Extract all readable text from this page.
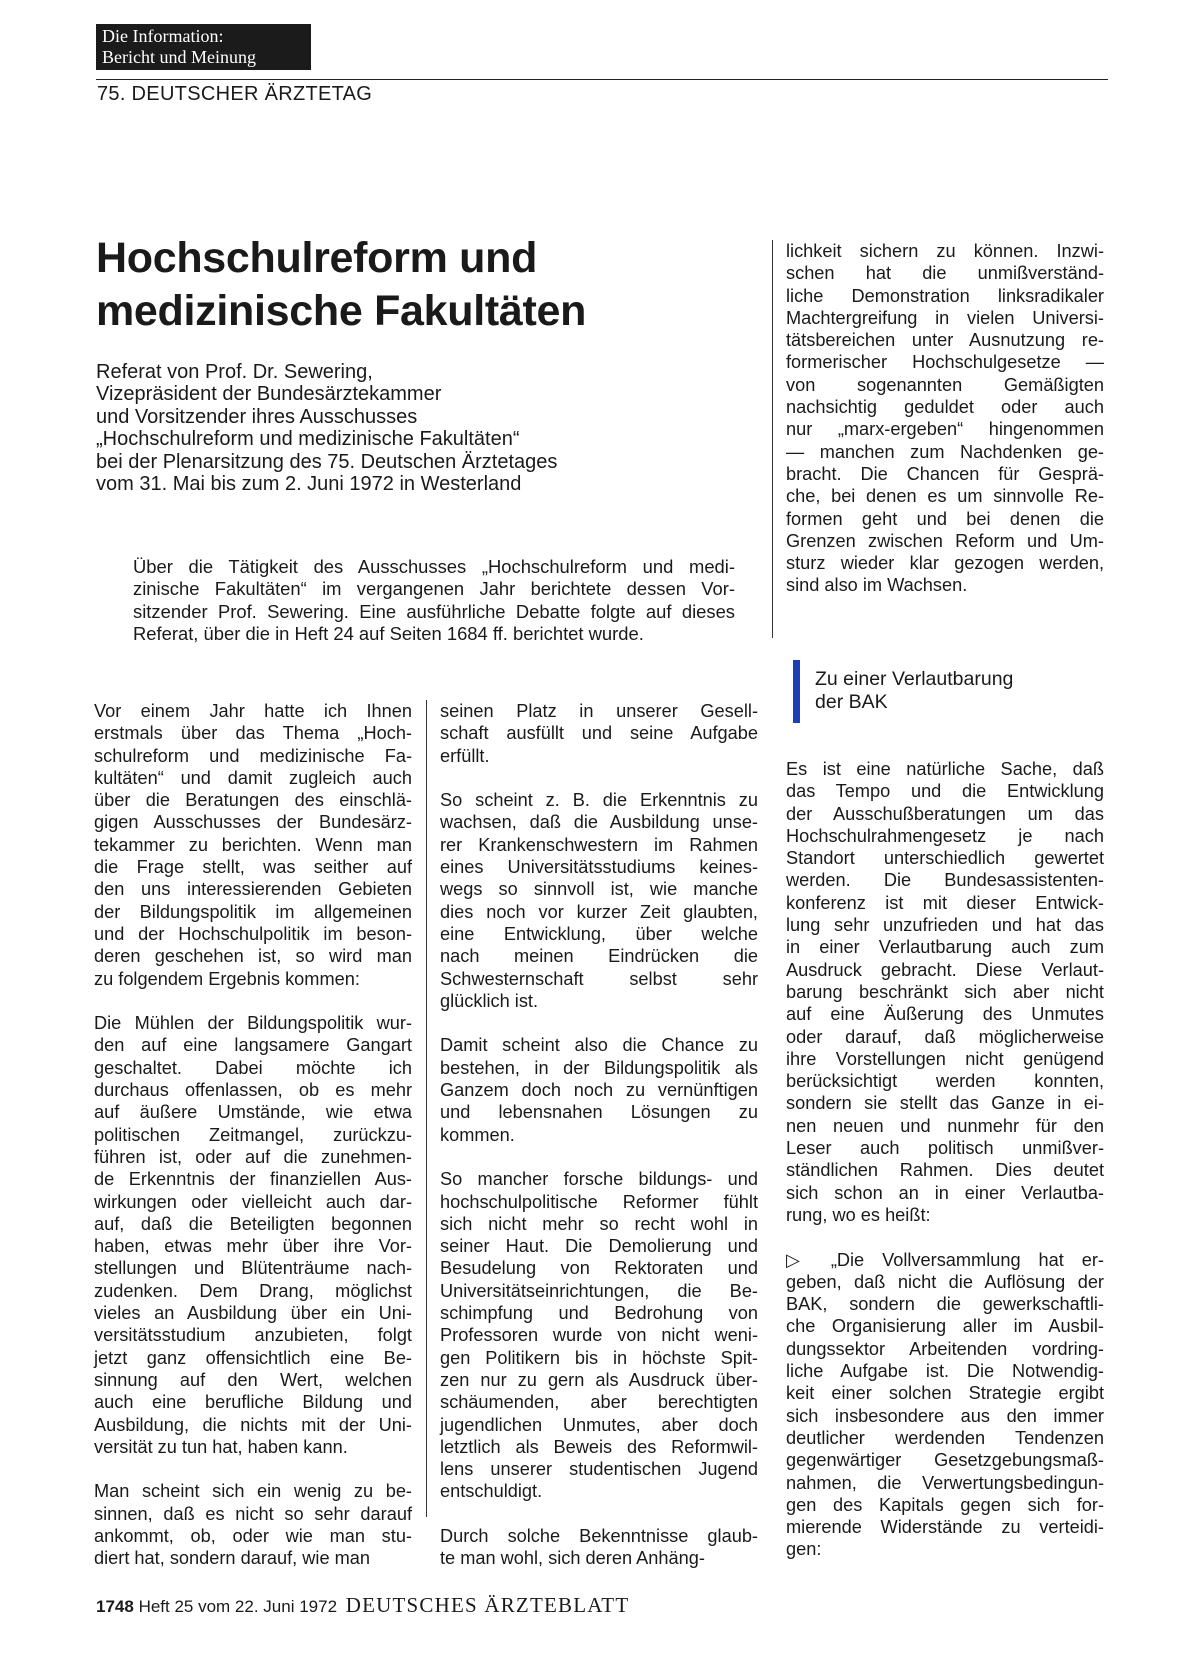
Die Information:
Bericht und Meinung
75. DEUTSCHER ÄRZTETAG
Hochschulreform und
medizinische Fakultäten
Referat von Prof. Dr. Sewering,
Vizepräsident der Bundesärztekammer
und Vorsitzender ihres Ausschusses
„Hochschulreform und medizinische Fakultäten“
bei der Plenarsitzung des 75. Deutschen Ärztetages
vom 31. Mai bis zum 2. Juni 1972 in Westerland
Über die Tätigkeit des Ausschusses „Hochschulreform und medi-
zinische Fakultäten“ im vergangenen Jahr berichtete dessen Vor-
sitzender Prof. Sewering. Eine ausführliche Debatte folgte auf dieses
Referat, über die in Heft 24 auf Seiten 1684 ff. berichtet wurde.
Vor einem Jahr hatte ich Ihnen
erstmals über das Thema „Hoch-
schulreform und medizinische Fa-
kultäten“ und damit zugleich auch
über die Beratungen des einschlä-
gigen Ausschusses der Bundesärz-
tekammer zu berichten. Wenn man
die Frage stellt, was seither auf
den uns interessierenden Gebieten
der Bildungspolitik im allgemeinen
und der Hochschulpolitik im beson-
deren geschehen ist, so wird man
zu folgendem Ergebnis kommen:
Die Mühlen der Bildungspolitik wur-
den auf eine langsamere Gangart
geschaltet. Dabei möchte ich
durchaus offenlassen, ob es mehr
auf äußere Umstände, wie etwa
politischen Zeitmangel, zurückzu-
führen ist, oder auf die zunehmen-
de Erkenntnis der finanziellen Aus-
wirkungen oder vielleicht auch dar-
auf, daß die Beteiligten begonnen
haben, etwas mehr über ihre Vor-
stellungen und Blütenträume nach-
zudenken. Dem Drang, möglichst
vieles an Ausbildung über ein Uni-
versitätsstudium anzubieten, folgt
jetzt ganz offensichtlich eine Be-
sinnung auf den Wert, welchen
auch eine berufliche Bildung und
Ausbildung, die nichts mit der Uni-
versität zu tun hat, haben kann.
Man scheint sich ein wenig zu be-
sinnen, daß es nicht so sehr darauf
ankommt, ob, oder wie man stu-
diert hat, sondern darauf, wie man
seinen Platz in unserer Gesell-
schaft ausfüllt und seine Aufgabe
erfüllt.
So scheint z. B. die Erkenntnis zu
wachsen, daß die Ausbildung unse-
rer Krankenschwestern im Rahmen
eines Universitätsstudiums keines-
wegs so sinnvoll ist, wie manche
dies noch vor kurzer Zeit glaubten,
eine Entwicklung, über welche
nach meinen Eindrücken die
Schwesternschaft selbst sehr
glücklich ist.
Damit scheint also die Chance zu
bestehen, in der Bildungspolitik als
Ganzem doch noch zu vernünftigen
und lebensnahen Lösungen zu
kommen.
So mancher forsche bildungs- und
hochschulpolitische Reformer fühlt
sich nicht mehr so recht wohl in
seiner Haut. Die Demolierung und
Besudelung von Rektoraten und
Universitätseinrichtungen, die Be-
schimpfung und Bedrohung von
Professoren wurde von nicht weni-
gen Politikern bis in höchste Spit-
zen nur zu gern als Ausdruck über-
schäumenden, aber berechtigten
jugendlichen Unmutes, aber doch
letztlich als Beweis des Reformwil-
lens unserer studentischen Jugend
entschuldigt.
Durch solche Bekenntnisse glaub-
te man wohl, sich deren Anhäng-
lichkeit sichern zu können. Inzwi-
schen hat die unmißverständ-
liche Demonstration linksradikaler
Machtergreifung in vielen Universi-
tätsbereichen unter Ausnutzung re-
formerischer Hochschulgesetze —
von sogenannten Gemäßigten
nachsichtig geduldet oder auch
nur „marx-ergeben“ hingenommen
— manchen zum Nachdenken ge-
bracht. Die Chancen für Gesprä-
che, bei denen es um sinnvolle Re-
formen geht und bei denen die
Grenzen zwischen Reform und Um-
sturz wieder klar gezogen werden,
sind also im Wachsen.
Zu einer Verlautbarung
der BAK
Es ist eine natürliche Sache, daß
das Tempo und die Entwicklung
der Ausschußberatungen um das
Hochschulrahmengesetz je nach
Standort unterschiedlich gewertet
werden. Die Bundesassistenten-
konferenz ist mit dieser Entwick-
lung sehr unzufrieden und hat das
in einer Verlautbarung auch zum
Ausdruck gebracht. Diese Verlaut-
barung beschränkt sich aber nicht
auf eine Äußerung des Unmutes
oder darauf, daß möglicherweise
ihre Vorstellungen nicht genügend
berücksichtigt werden konnten,
sondern sie stellt das Ganze in ei-
nen neuen und nunmehr für den
Leser auch politisch unmißver-
ständlichen Rahmen. Dies deutet
sich schon an in einer Verlautba-
rung, wo es heißt:
▷ „Die Vollversammlung hat er-
geben, daß nicht die Auflösung der
BAK, sondern die gewerkschaftli-
che Organisierung aller im Ausbil-
dungssektor Arbeitenden vordring-
liche Aufgabe ist. Die Notwendig-
keit einer solchen Strategie ergibt
sich insbesondere aus den immer
deutlicher werdenden Tendenzen
gegenwärtiger Gesetzgebungsmaß-
nahmen, die Verwertungsbedingun-
gen des Kapitals gegen sich for-
mierende Widerstände zu verteidi-
gen:
1748 Heft 25 vom 22. Juni 1972 DEUTSCHES ÄRZTEBLATT
